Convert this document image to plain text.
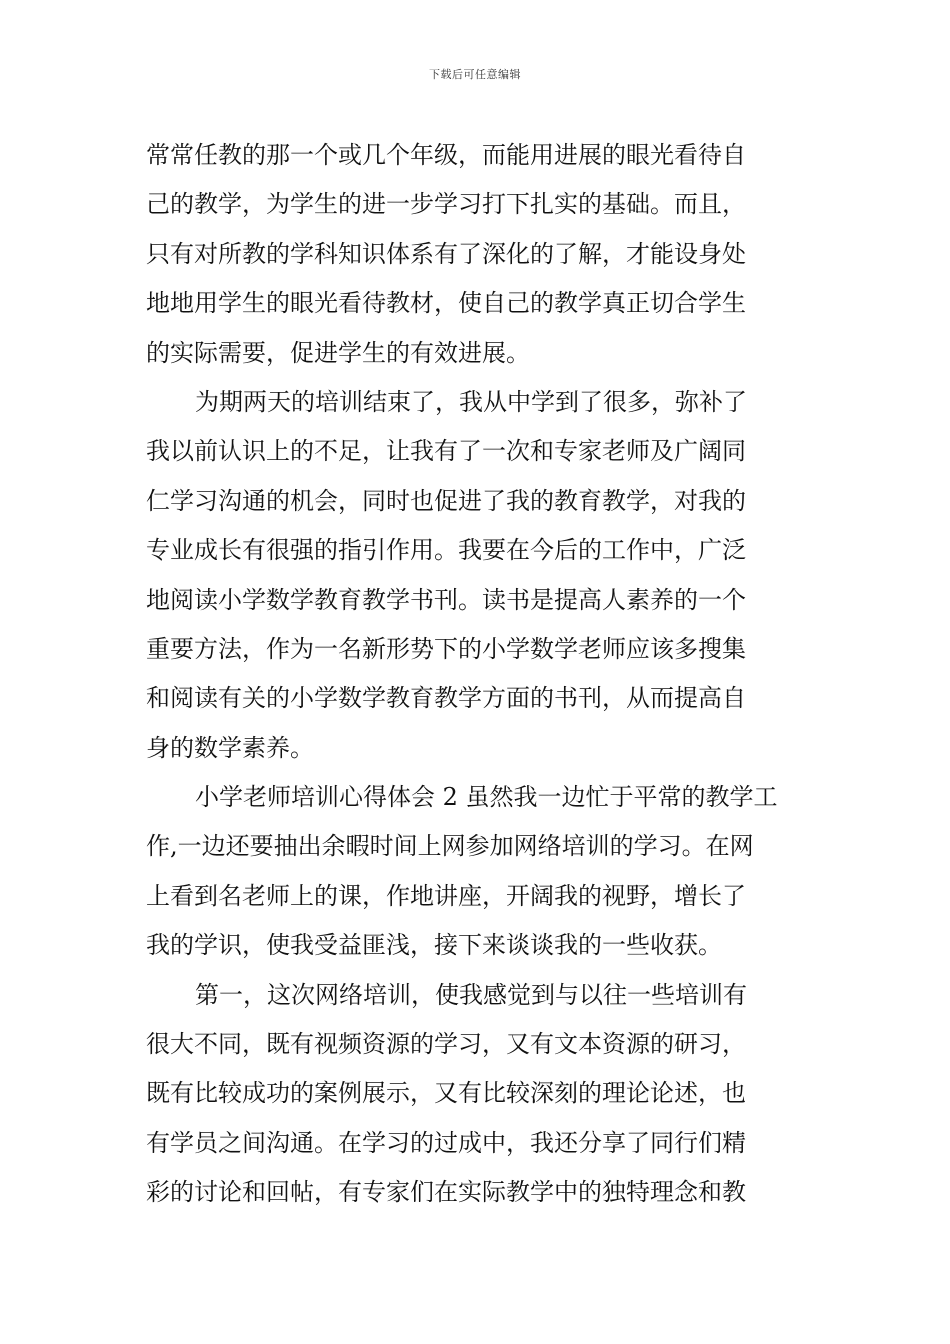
下载后可任意编辑
常常任教的那一个或几个年级，而能用进展的眼光看待自
己的教学，为学生的进一步学习打下扎实的基础。而且，
只有对所教的学科知识体系有了深化的了解，才能设身处
地地用学生的眼光看待教材，使自己的教学真正切合学生
的实际需要，促进学生的有效进展。
为期两天的培训结束了，我从中学到了很多，弥补了
我以前认识上的不足，让我有了一次和专家老师及广阔同
仁学习沟通的机会，同时也促进了我的教育教学，对我的
专业成长有很强的指引作用。我要在今后的工作中，广泛
地阅读小学数学教育教学书刊。读书是提高人素养的一个
重要方法，作为一名新形势下的小学数学老师应该多搜集
和阅读有关的小学数学教育教学方面的书刊，从而提高自
身的数学素养。
小学老师培训心得体会 2 虽然我一边忙于平常的教学工
作,一边还要抽出余暇时间上网参加网络培训的学习。在网
上看到名老师上的课，作地讲座，开阔我的视野，增长了
我的学识，使我受益匪浅，接下来谈谈我的一些收获。
第一，这次网络培训，使我感觉到与以往一些培训有
很大不同，既有视频资源的学习，又有文本资源的研习，
既有比较成功的案例展示，又有比较深刻的理论论述，也
有学员之间沟通。在学习的过成中，我还分享了同行们精
彩的讨论和回帖，有专家们在实际教学中的独特理念和教
